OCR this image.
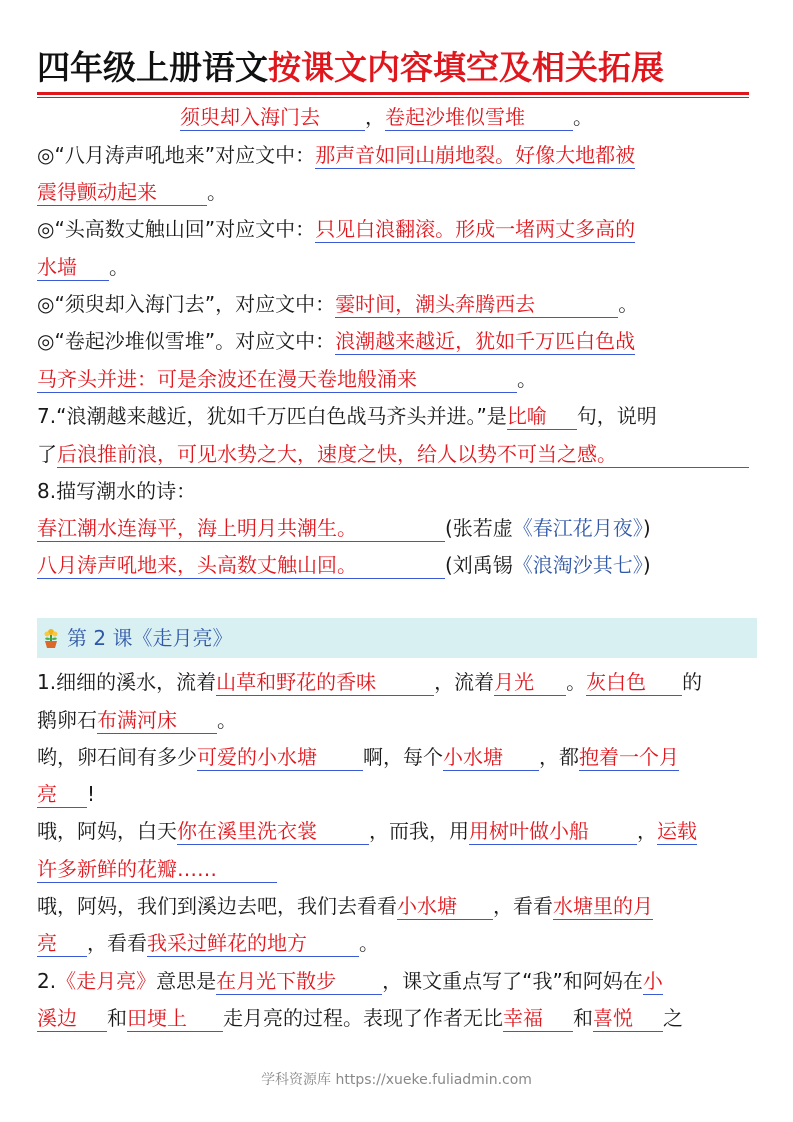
四年级上册语文按课文内容填空及相关拓展
须臾却入海门去 ，卷起沙堆似雪堆 。
◎“八月涛声吼地来”对应文中：那声音如同山崩地裂。好像大地都被
震得颤动起来	。
◎“头高数丈触山回”对应文中：只见白浪翻滚。形成一堵两丈多高的
水墙 。
◎“须臾却入海门去”，对应文中：霎时间，潮头奔腾西去	。
◎“卷起沙堆似雪堆”。对应文中：浪潮越来越近，犹如千万匹白色战
马齐头并进：可是余波还在漫天卷地般涌来	。
7.“浪潮越来越近，犹如千万匹白色战马齐头并进。”是比喻 句，说明
了后浪推前浪，可见水势之大，速度之快，给人以势不可当之感。
8.描写潮水的诗：
春江潮水连海平，海上明月共潮生。	(张若虚《春江花月夜》)
八月涛声吼地来，头高数丈触山回。	(刘禹锡《浪淘沙其七》)
第 2 课《走月亮》
1.细细的溪水，流着山草和野花的香味	，流着月光 。灰白色 的
鹅卵石布满河床 。
哟，卵石间有多少可爱的小水塘 啊，每个小水塘 ，都抱着一个月
亮 !
哦，阿妈，白天你在溪里洗衣裳	，而我，用用树叶做小船 ，运载
许多新鲜的花瓣……
哦，阿妈，我们到溪边去吧，我们去看看小水塘 ，看看水塘里的月
亮 ，看看我采过鲜花的地方	。
2.《走月亮》意思是在月光下散步 ，课文重点写了“我”和阿妈在小
溪边 和田埂上 走月亮的过程。表现了作者无比幸福 和喜悦 之
学科资源库 https://xueke.fuliadmin.com
